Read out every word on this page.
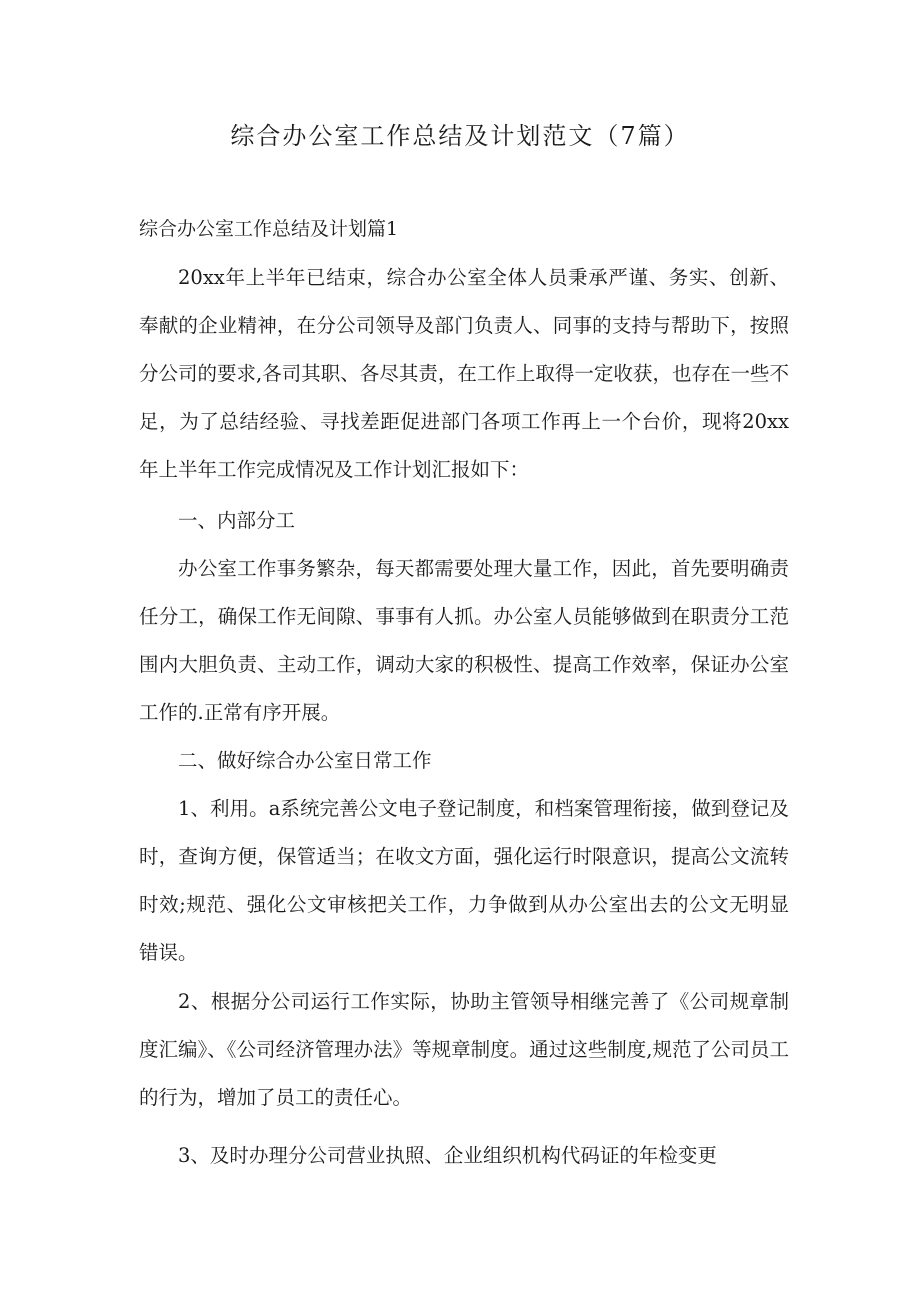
综合办公室工作总结及计划范文（7篇）
综合办公室工作总结及计划篇1

20xx年上半年已结束，综合办公室全体人员秉承严谨、务实、创新、奉献的企业精神，在分公司领导及部门负责人、同事的支持与帮助下，按照分公司的要求,各司其职、各尽其责，在工作上取得一定收获，也存在一些不足，为了总结经验、寻找差距促进部门各项工作再上一个台价，现将20xx年上半年工作完成情况及工作计划汇报如下：

一、内部分工

办公室工作事务繁杂，每天都需要处理大量工作，因此，首先要明确责任分工，确保工作无间隙、事事有人抓。办公室人员能够做到在职责分工范围内大胆负责、主动工作，调动大家的积极性、提高工作效率，保证办公室工作的.正常有序开展。

二、做好综合办公室日常工作

1、利用。a系统完善公文电子登记制度，和档案管理衔接，做到登记及时，查询方便，保管适当；在收文方面，强化运行时限意识，提高公文流转时效;规范、强化公文审核把关工作，力争做到从办公室出去的公文无明显错误。

2、根据分公司运行工作实际，协助主管领导相继完善了《公司规章制度汇编》、《公司经济管理办法》等规章制度。通过这些制度,规范了公司员工的行为，增加了员工的责任心。

3、及时办理分公司营业执照、企业组织机构代码证的年检变更
